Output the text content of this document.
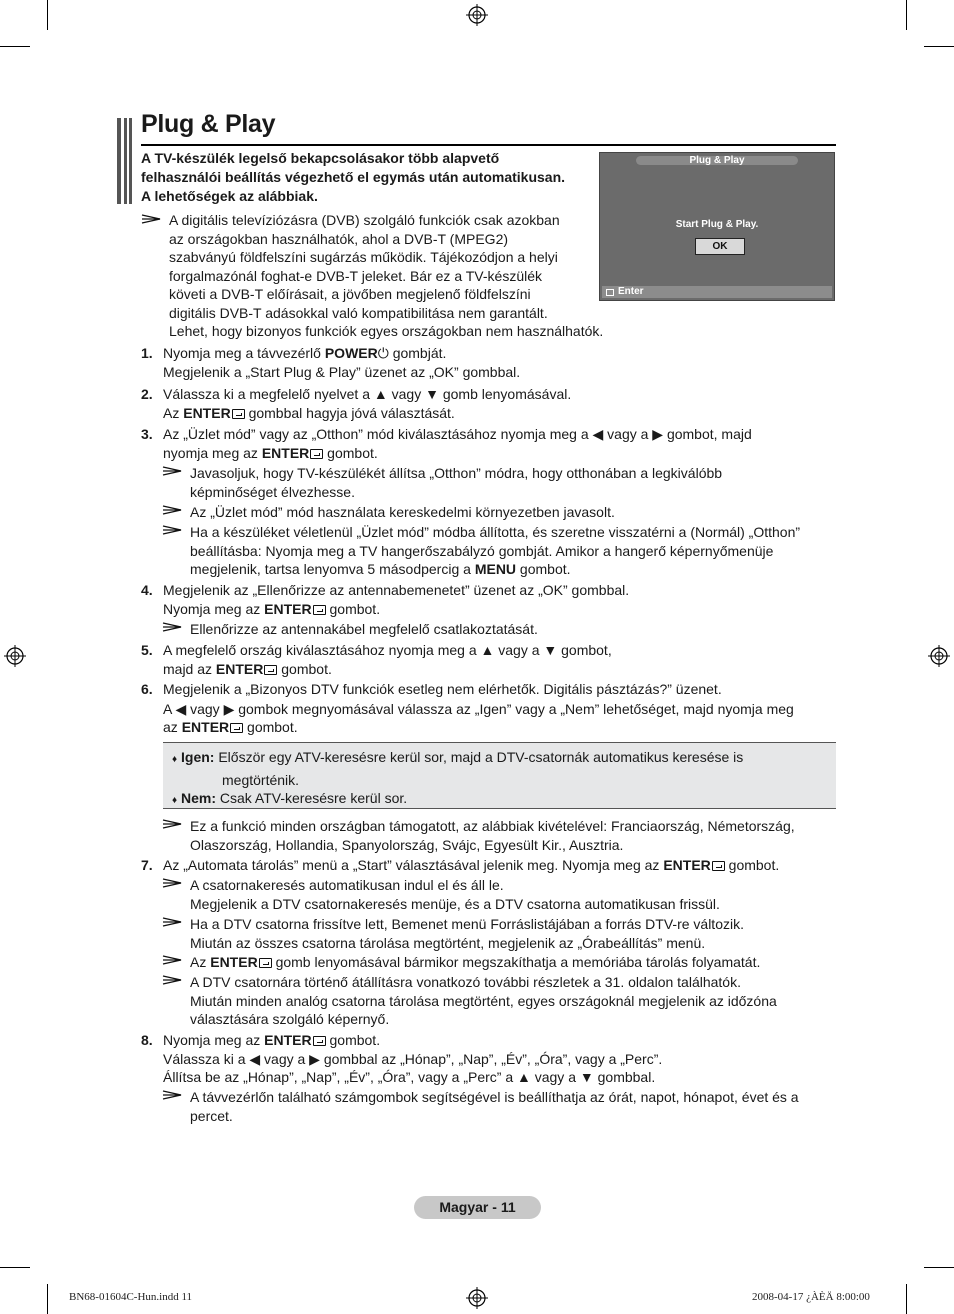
Plug & Play
A TV-készülék legelső bekapcsolásakor több alapvető
felhasználói beállítás végezhető el egymás után automatikusan.
A lehetőségek az alábbiak.
Plug & Play
Start Plug & Play.
OK
Enter
A digitális televíziózásra (DVB) szolgáló funkciók csak azokban
az országokban használhatók, ahol a DVB-T (MPEG2)
szabványú földfelszíni sugárzás működik. Tájékozódjon a helyi
forgalmazónál foghat-e DVB-T jeleket. Bár ez a TV-készülék
követi a DVB-T előírásait, a jövőben megjelenő földfelszíni
digitális DVB-T adásokkal való kompatibilitása nem garantált.
Lehet, hogy bizonyos funkciók egyes országokban nem használhatók.
1. Nyomja meg a távvezérlő POWER⏻ gombját.
Megjelenik a „Start Plug & Play” üzenet az „OK” gombbal.
2. Válassza ki a megfelelő nyelvet a ▲ vagy ▼ gomb lenyomásával.
Az ENTER gombbal hagyja jóvá választását.
3. Az „Üzlet mód” vagy az „Otthon” mód kiválasztásához nyomja meg a ◀ vagy a ▶ gombot, majd
nyomja meg az ENTER gombot.
Javasoljuk, hogy TV-készülékét állítsa „Otthon” módra, hogy otthonában a legkiválóbb
képminőséget élvezhesse.
Az „Üzlet mód” mód használata kereskedelmi környezetben javasolt.
Ha a készüléket véletlenül „Üzlet mód” módba állította, és szeretne visszatérni a (Normál) „Otthon”
beállításba: Nyomja meg a TV hangerőszabályzó gombját. Amikor a hangerő képernyőmenüje
megjelenik, tartsa lenyomva 5 másodpercig a MENU gombot.
4. Megjelenik az „Ellenőrizze az antennabemenetet” üzenet az „OK” gombbal.
Nyomja meg az ENTER gombot.
Ellenőrizze az antennakábel megfelelő csatlakoztatását.
5. A megfelelő ország kiválasztásához nyomja meg a ▲ vagy a ▼ gombot,
majd az ENTER gombot.
6. Megjelenik a „Bizonyos DTV funkciók esetleg nem elérhetők. Digitális pásztázás?” üzenet.
A ◀ vagy ▶ gombok megnyomásával válassza az „Igen” vagy a „Nem” lehetőséget, majd nyomja meg
az ENTER gombot.
♦ Igen: Először egy ATV-keresésre kerül sor, majd a DTV-csatornák automatikus keresése is
megtörténik.
♦ Nem: Csak ATV-keresésre kerül sor.
Ez a funkció minden országban támogatott, az alábbiak kivételével: Franciaország, Németország,
Olaszország, Hollandia, Spanyolország, Svájc, Egyesült Kir., Ausztria.
7. Az „Automata tárolás” menü a „Start” választásával jelenik meg. Nyomja meg az ENTER gombot.
A csatornakeresés automatikusan indul el és áll le.
Megjelenik a DTV csatornakeresés menüje, és a DTV csatorna automatikusan frissül.
Ha a DTV csatorna frissítve lett, Bemenet menü Forráslistájában a forrás DTV-re változik.
Miután az összes csatorna tárolása megtörtént, megjelenik az „Órabeállítás” menü.
Az ENTER gomb lenyomásával bármikor megszakíthatja a memóriába tárolás folyamatát.
A DTV csatornára történő átállításra vonatkozó további részletek a 31. oldalon találhatók.
Miután minden analóg csatorna tárolása megtörtént, egyes országoknál megjelenik az időzóna
választására szolgáló képernyő.
8. Nyomja meg az ENTER gombot.
Válassza ki a ◀ vagy a ▶ gombbal az „Hónap”, „Nap”, „Év”, „Óra”, vagy a „Perc”.
Állítsa be az „Hónap”, „Nap”, „Év”, „Óra”, vagy a „Perc” a ▲ vagy a ▼ gombbal.
A távvezérlőn található számgombok segítségével is beállíthatja az órát, napot, hónapot, évet és a
percet.
Magyar - 11
BN68-01604C-Hun.indd 11	2008-04-17 ¿ÀÈÄ 8:00:00
